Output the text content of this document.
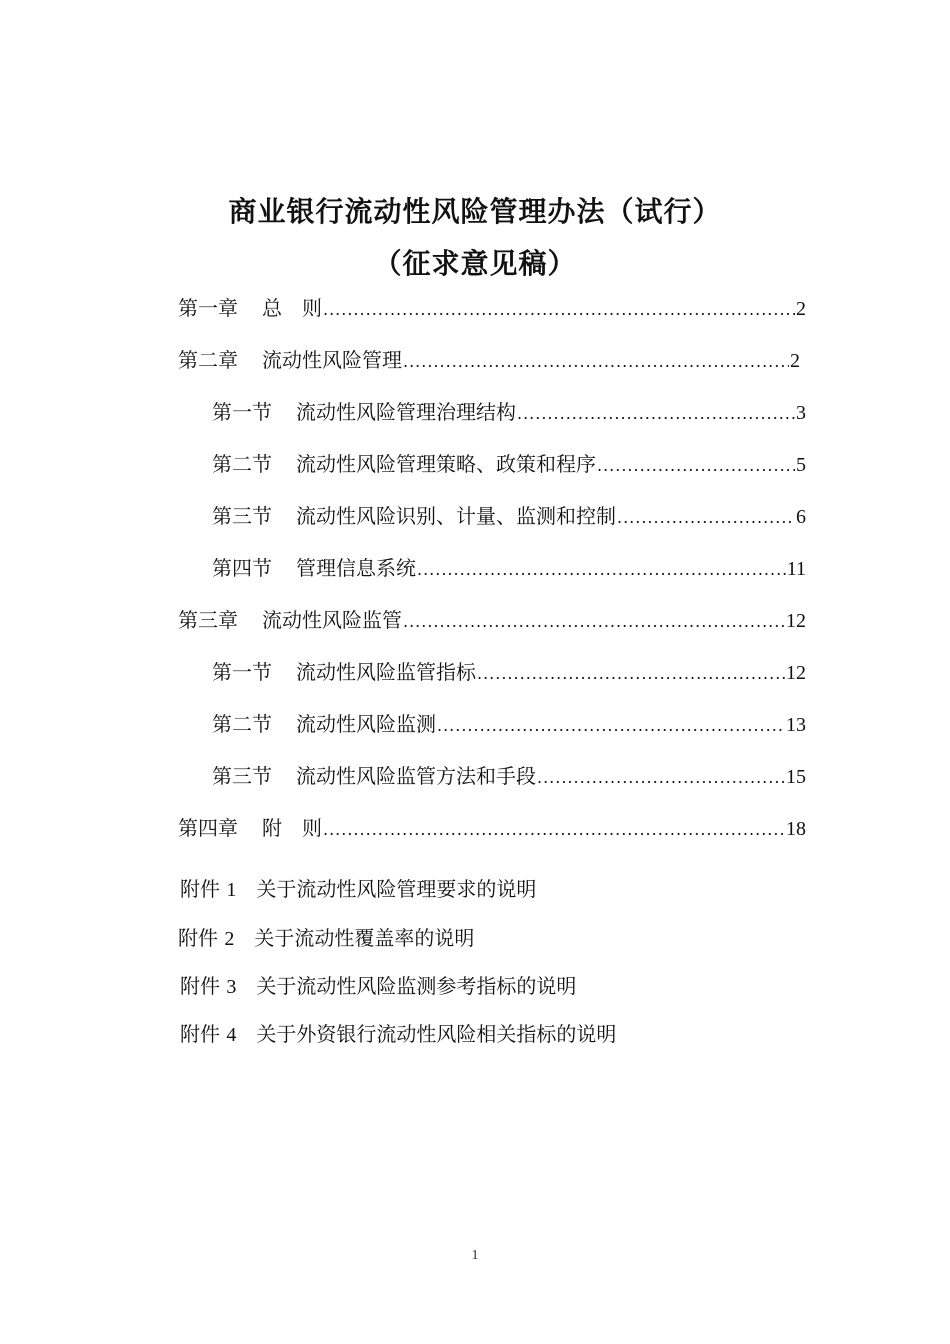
商业银行流动性风险管理办法（试行）
（征求意见稿）
第一章 总　则 .....	2
第二章 流动性风险管理 .....	2
第一节 流动性风险管理治理结构 .....	3
第二节 流动性风险管理策略、政策和程序 .....	5
第三节 流动性风险识别、计量、监测和控制 .....	6
第四节 管理信息系统 .....	11
第三章 流动性风险监管 .....	12
第一节 流动性风险监管指标 .....	12
第二节 流动性风险监测 .....	13
第三节 流动性风险监管方法和手段 .....	15
第四章 附　则 .....	18
附件 1 关于流动性风险管理要求的说明
附件 2 关于流动性覆盖率的说明
附件 3 关于流动性风险监测参考指标的说明
附件 4 关于外资银行流动性风险相关指标的说明
1
